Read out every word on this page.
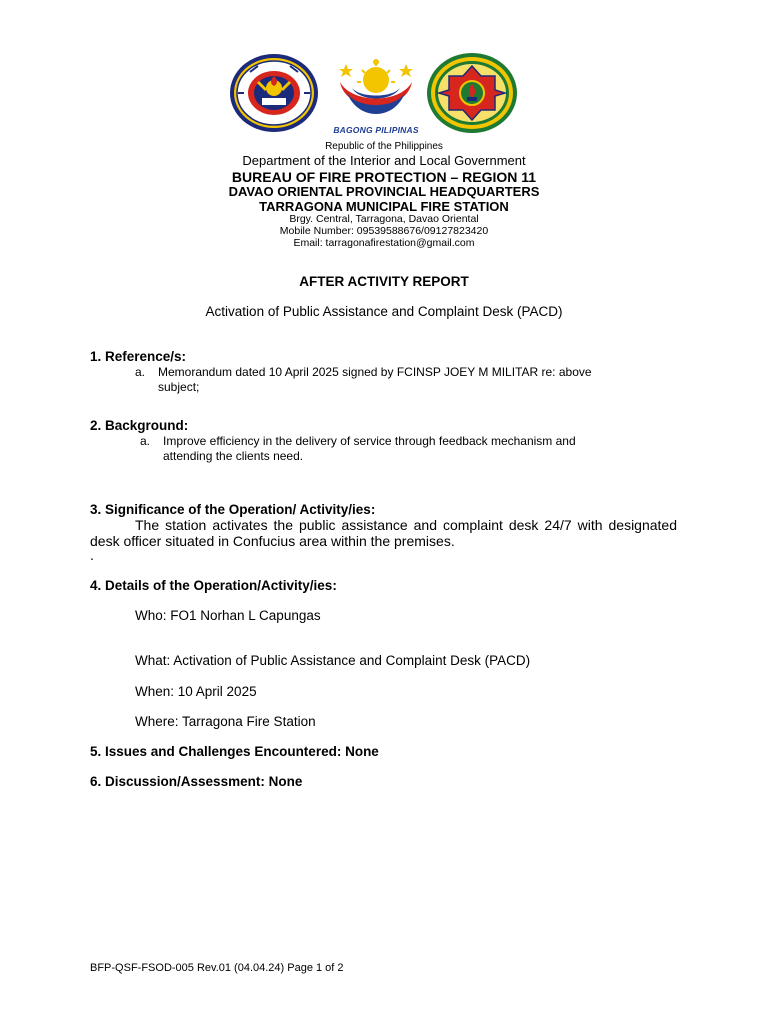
BAGONG PILIPINAS
Republic of the Philippines
Department of the Interior and Local Government
BUREAU OF FIRE PROTECTION – REGION 11
DAVAO ORIENTAL PROVINCIAL HEADQUARTERS
TARRAGONA MUNICIPAL FIRE STATION
Brgy. Central, Tarragona, Davao Oriental
Mobile Number: 09539588676/09127823420
Email: tarragonafirestation@gmail.com
AFTER ACTIVITY REPORT
Activation of Public Assistance and Complaint Desk (PACD)
1. Reference/s:
a. Memorandum dated 10 April 2025 signed by FCINSP JOEY M MILITAR re: above
subject;
2. Background:
a. Improve efficiency in the delivery of service through feedback mechanism and
attending the clients need.
3. Significance of the Operation/ Activity/ies:
The station activates the public assistance and complaint desk 24/7 with designated desk officer situated in Confucius area within the premises.
.
4. Details of the Operation/Activity/ies:
Who: FO1 Norhan L Capungas
What: Activation of Public Assistance and Complaint Desk (PACD)
When: 10 April 2025
Where: Tarragona Fire Station
5. Issues and Challenges Encountered: None
6. Discussion/Assessment: None
BFP-QSF-FSOD-005 Rev.01 (04.04.24) Page 1 of 2
